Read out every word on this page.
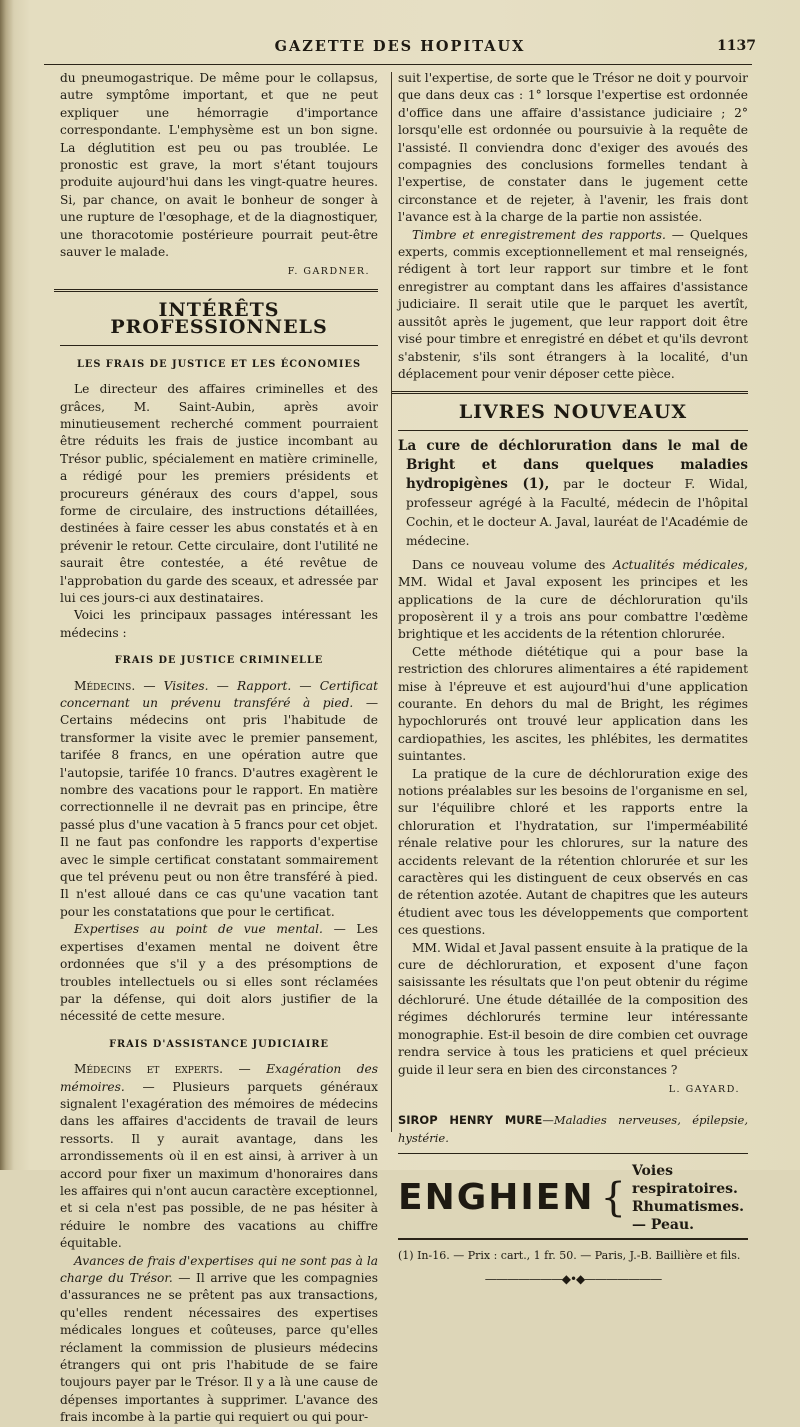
GAZETTE DES HOPITAUX	1137

du pneumogastrique. De même pour le collapsus, autre symptôme important, et que ne peut expliquer une hémorragie d'importance correspondante. L'emphysème est un bon signe. La déglutition est peu ou pas troublée. Le pronostic est grave, la mort s'étant toujours produite aujourd'hui dans les vingt-quatre heures. Si, par chance, on avait le bonheur de songer à une rupture de l'œsophage, et de la diagnostiquer, une thoracotomie postérieure pourrait peut-être sauver le malade.

F. GARDNER.
INTÉRÊTS PROFESSIONNELS
LES FRAIS DE JUSTICE ET LES ÉCONOMIES

Le directeur des affaires criminelles et des grâces, M. Saint-Aubin, après avoir minutieusement recherché comment pourraient être réduits les frais de justice incombant au Trésor public, spécialement en matière criminelle, a rédigé pour les premiers présidents et procureurs généraux des cours d'appel, sous forme de circulaire, des instructions détaillées, destinées à faire cesser les abus constatés et à en prévenir le retour. Cette circulaire, dont l'utilité ne saurait être contestée, a été revêtue de l'approbation du garde des sceaux, et adressée par lui ces jours-ci aux destinataires.

Voici les principaux passages intéressant les médecins :

FRAIS DE JUSTICE CRIMINELLE

Médecins. — Visites. — Rapport. — Certificat concernant un prévenu transféré à pied. — Certains médecins ont pris l'habitude de transformer la visite avec le premier pansement, tarifée 8 francs, en une opération autre que l'autopsie, tarifée 10 francs. D'autres exagèrent le nombre des vacations pour le rapport. En matière correctionnelle il ne devrait pas en principe, être passé plus d'une vacation à 5 francs pour cet objet. Il ne faut pas confondre les rapports d'expertise avec le simple certificat constatant sommairement que tel prévenu peut ou non être transféré à pied. Il n'est alloué dans ce cas qu'une vacation tant pour les constatations que pour le certificat.

Expertises au point de vue mental. — Les expertises d'examen mental ne doivent être ordonnées que s'il y a des présomptions de troubles intellectuels ou si elles sont réclamées par la défense, qui doit alors justifier de la nécessité de cette mesure.

FRAIS D'ASSISTANCE JUDICIAIRE

Médecins et experts. — Exagération des mémoires. — Plusieurs parquets généraux signalent l'exagération des mémoires de médecins dans les affaires d'accidents de travail de leurs ressorts. Il y aurait avantage, dans les arrondissements où il en est ainsi, à arriver à un accord pour fixer un maximum d'honoraires dans les affaires qui n'ont aucun caractère exceptionnel, et si cela n'est pas possible, de ne pas hésiter à réduire le nombre des vacations au chiffre équitable.

Avances de frais d'expertises qui ne sont pas à la charge du Trésor. — Il arrive que les compagnies d'assurances ne se prêtent pas aux transactions, qu'elles rendent nécessaires des expertises médicales longues et coûteuses, parce qu'elles réclament la commission de plusieurs médecins étrangers qui ont pris l'habitude de se faire toujours payer par le Trésor. Il y a là une cause de dépenses importantes à supprimer. L'avance des frais incombe à la partie qui requiert ou qui pour-

suit l'expertise, de sorte que le Trésor ne doit y pourvoir que dans deux cas : 1° lorsque l'expertise est ordonnée d'office dans une affaire d'assistance judiciaire ; 2° lorsqu'elle est ordonnée ou poursuivie à la requête de l'assisté. Il conviendra donc d'exiger des avoués des compagnies des conclusions formelles tendant à l'expertise, de constater dans le jugement cette circonstance et de rejeter, à l'avenir, les frais dont l'avance est à la charge de la partie non assistée.

Timbre et enregistrement des rapports. — Quelques experts, commis exceptionnellement et mal renseignés, rédigent à tort leur rapport sur timbre et le font enregistrer au comptant dans les affaires d'assistance judiciaire. Il serait utile que le parquet les avertît, aussitôt après le jugement, que leur rapport doit être visé pour timbre et enregistré en débet et qu'ils devront s'abstenir, s'ils sont étrangers à la localité, d'un déplacement pour venir déposer cette pièce.

LIVRES NOUVEAUX
La cure de déchloruration dans le mal de Bright et dans quelques maladies hydropigènes (1), par le docteur F. Widal, professeur agrégé à la Faculté, médecin de l'hôpital Cochin, et le docteur A. Javal, lauréat de l'Académie de médecine.

Dans ce nouveau volume des Actualités médicales, MM. Widal et Javal exposent les principes et les applications de la cure de déchloruration qu'ils proposèrent il y a trois ans pour combattre l'œdème brightique et les accidents de la rétention chlorurée.

Cette méthode diététique qui a pour base la restriction des chlorures alimentaires a été rapidement mise à l'épreuve et est aujourd'hui d'une application courante. En dehors du mal de Bright, les régimes hypochlorurés ont trouvé leur application dans les cardiopathies, les ascites, les phlébites, les dermatites suintantes.

La pratique de la cure de déchloruration exige des notions préalables sur les besoins de l'organisme en sel, sur l'équilibre chloré et les rapports entre la chloruration et l'hydratation, sur l'imperméabilité rénale relative pour les chlorures, sur la nature des accidents relevant de la rétention chlorurée et sur les caractères qui les distinguent de ceux observés en cas de rétention azotée. Autant de chapitres que les auteurs étudient avec tous les développements que comportent ces questions.

MM. Widal et Javal passent ensuite à la pratique de la cure de déchloruration, et exposent d'une façon saisissante les résultats que l'on peut obtenir du régime déchloruré. Une étude détaillée de la composition des régimes déchlorurés termine leur intéressante monographie. Est-il besoin de dire combien cet ouvrage rendra service à tous les praticiens et quel précieux guide il leur sera en bien des circonstances ?

L. GAYARD.
SIROP HENRY MURE—Maladies nerveuses, épilepsie, hystérie.
ENGHIEN {
Voies respiratoires.
Rhumatismes. — Peau.
(1) In-16. — Prix : cart., 1 fr. 50. — Paris, J.-B. Baillière et fils.
———————◆•◆———————
